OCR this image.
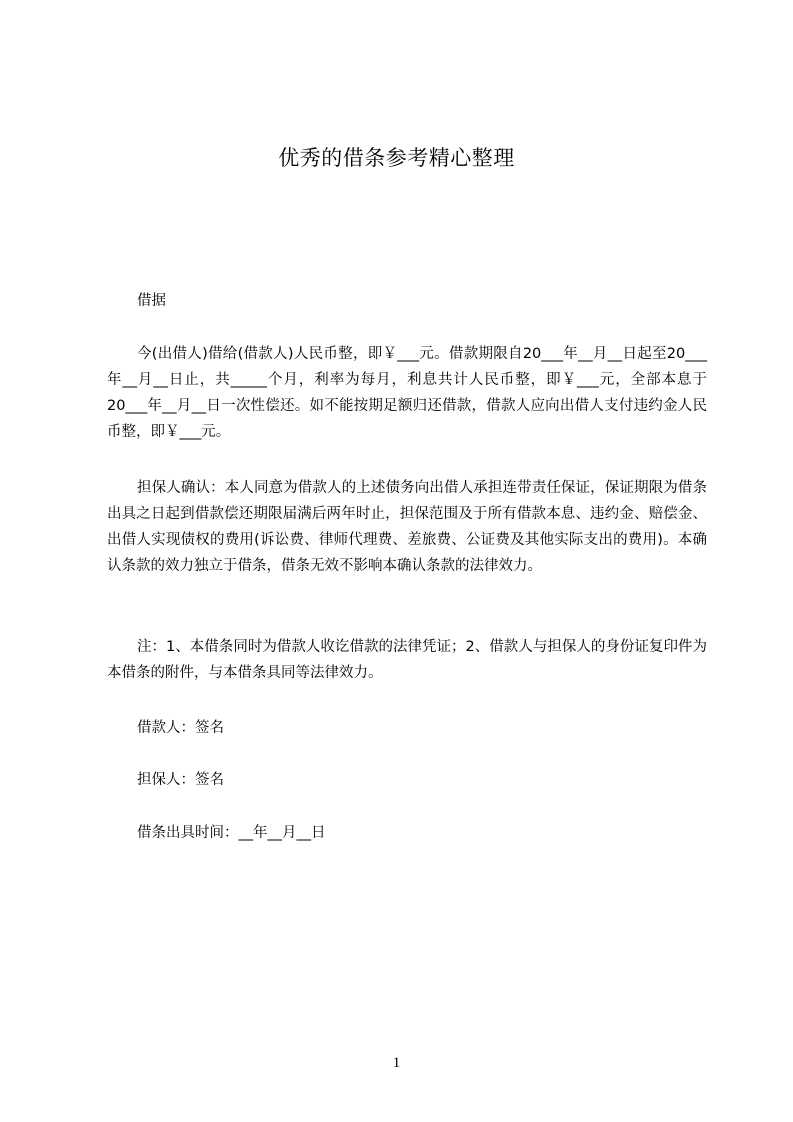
优秀的借条参考精心整理
借据
今(出借人)借给(借款人)人民币整，即￥___元。借款期限自20___年__月__日起至20___年__月__日止，共_____个月，利率为每月，利息共计人民币整，即￥___元，全部本息于20___年__月__日一次性偿还。如不能按期足额归还借款，借款人应向出借人支付违约金人民币整，即￥___元。
担保人确认：本人同意为借款人的上述债务向出借人承担连带责任保证，保证期限为借条出具之日起到借款偿还期限届满后两年时止，担保范围及于所有借款本息、违约金、赔偿金、出借人实现债权的费用(诉讼费、律师代理费、差旅费、公证费及其他实际支出的费用)。本确认条款的效力独立于借条，借条无效不影响本确认条款的法律效力。
注：1、本借条同时为借款人收讫借款的法律凭证；2、借款人与担保人的身份证复印件为本借条的附件，与本借条具同等法律效力。
借款人：签名
担保人：签名
借条出具时间：__年__月__日
1
